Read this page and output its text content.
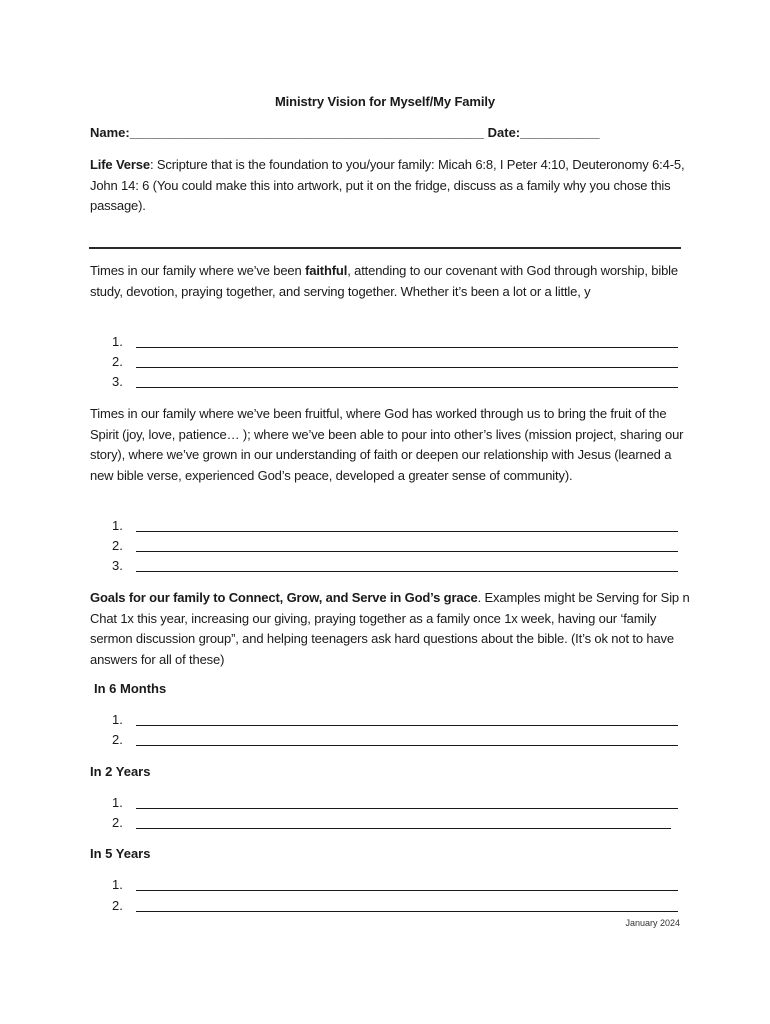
Ministry Vision for Myself/My Family
Name:_________________________________________________ Date:___________
Life Verse: Scripture that is the foundation to you/your family: Micah 6:8, I Peter 4:10, Deuteronomy 6:4-5, John 14: 6 (You could make this into artwork, put it on the fridge, discuss as a family why you chose this passage).
Times in our family where we’ve been faithful, attending to our covenant with God through worship, bible study, devotion, praying together, and serving together. Whether it’s been a lot or a little, y
1.
2.
3.
Times in our family where we’ve been fruitful, where God has worked through us to bring the fruit of the Spirit (joy, love, patience… ); where we’ve been able to pour into other’s lives (mission project, sharing our story), where we’ve grown in our understanding of faith or deepen our relationship with Jesus (learned a new bible verse, experienced God’s peace, developed a greater sense of community).
1.
2.
3.
Goals for our family to Connect, Grow, and Serve in God’s grace. Examples might be Serving for Sip n Chat 1x this year, increasing our giving, praying together as a family once 1x week, having our ‘family sermon discussion group”, and helping teenagers ask hard questions about the bible. (It’s ok not to have answers for all of these)
In 6 Months
1.
2.
In 2 Years
1.
2.
In 5 Years
1.
2.
January 2024
